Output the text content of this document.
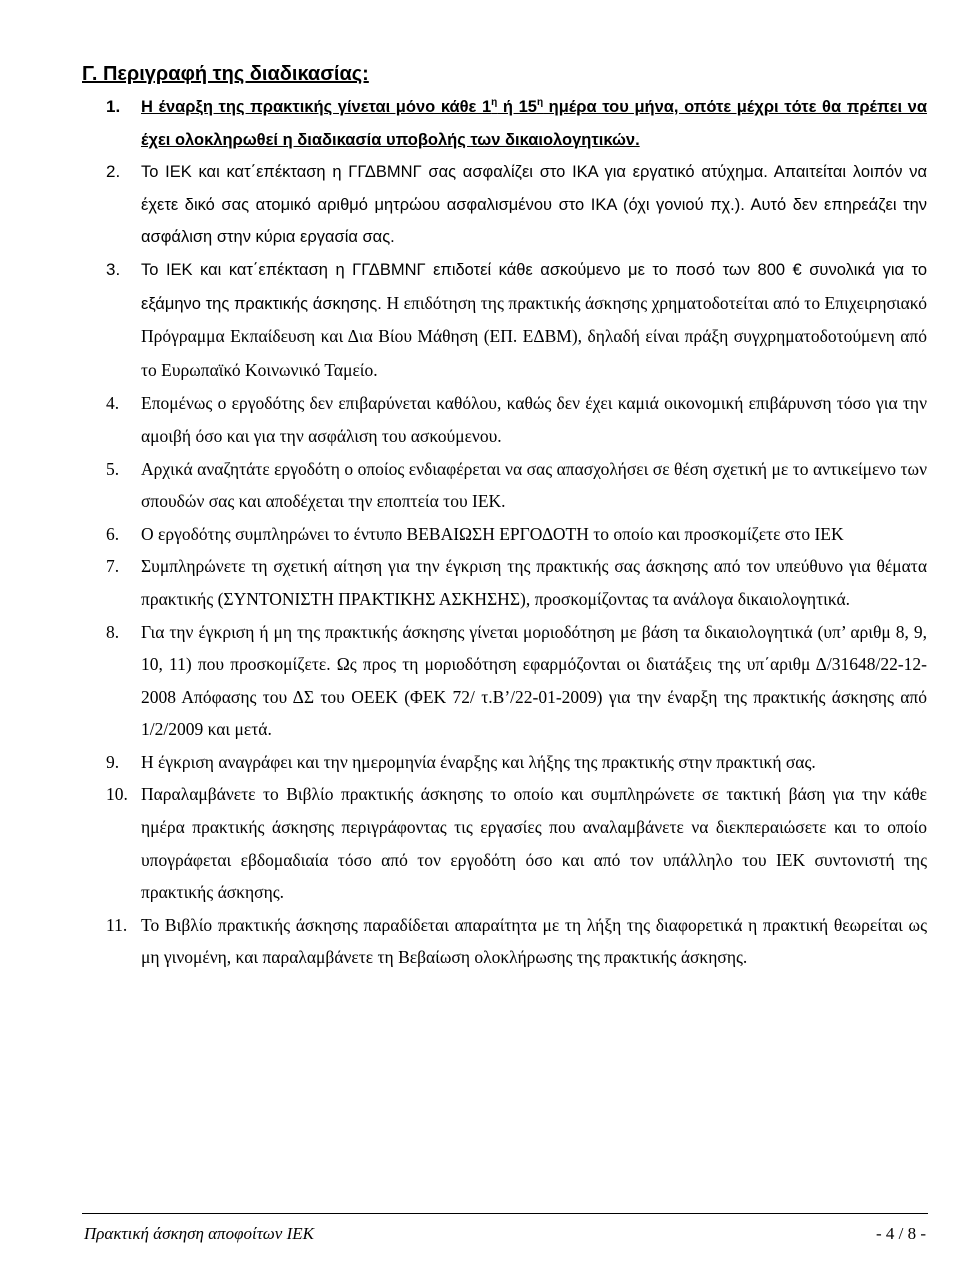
Γ. Περιγραφή της διαδικασίας:
1. Η έναρξη της πρακτικής γίνεται μόνο κάθε $1^\eta$ ή $15^\eta$ ημέρα του μήνα, οπότε μέχρι τότε θα πρέπει να έχει ολοκληρωθεί η διαδικασία υποβολής των δικαιολογητικών.
2. Το ΙΕΚ και κατ΄επέκταση η ΓΓΔΒΜΝΓ σας ασφαλίζει στο ΙΚΑ για εργατικό ατύχημα. Απαιτείται λοιπόν να έχετε δικό σας ατομικό αριθμό μητρώου ασφαλισμένου στο ΙΚΑ (όχι γονιού πχ.). Αυτό δεν επηρεάζει την ασφάλιση στην κύρια εργασία σας.
3. Το ΙΕΚ και κατ΄επέκταση η ΓΓΔΒΜΝΓ επιδοτεί κάθε ασκούμενο με το ποσό των 800 € συνολικά για το εξάμηνο της πρακτικής άσκησης. Η επιδότηση της πρακτικής άσκησης χρηματοδοτείται από το Επιχειρησιακό Πρόγραμμα Εκπαίδευση και Δια Βίου Μάθηση (ΕΠ. ΕΔΒΜ), δηλαδή είναι πράξη συγχρηματοδοτούμενη από το Ευρωπαϊκό Κοινωνικό Ταμείο.
4. Επομένως ο εργοδότης δεν επιβαρύνεται καθόλου, καθώς δεν έχει καμιά οικονομική επιβάρυνση τόσο για την αμοιβή όσο και για την ασφάλιση του ασκούμενου.
5. Αρχικά αναζητάτε εργοδότη ο οποίος ενδιαφέρεται να σας απασχολήσει σε θέση σχετική με το αντικείμενο των σπουδών σας και αποδέχεται την εποπτεία του ΙΕΚ.
6. Ο εργοδότης συμπληρώνει το έντυπο ΒΕΒΑΙΩΣΗ ΕΡΓΟΔΟΤΗ το οποίο και προσκομίζετε στο ΙΕΚ
7. Συμπληρώνετε τη σχετική αίτηση για την έγκριση της πρακτικής σας άσκησης από τον υπεύθυνο για θέματα πρακτικής (ΣΥΝΤΟΝΙΣΤΗ ΠΡΑΚΤΙΚΗΣ ΑΣΚΗΣΗΣ), προσκομίζοντας τα ανάλογα δικαιολογητικά.
8. Για την έγκριση ή μη της πρακτικής άσκησης γίνεται μοριοδότηση με βάση τα δικαιολογητικά (υπ’ αριθμ 8, 9, 10, 11) που προσκομίζετε. Ως προς τη μοριοδότηση εφαρμόζονται οι διατάξεις της υπ΄αριθμ Δ/31648/22-12-2008 Απόφασης του ΔΣ του ΟΕΕΚ (ΦΕΚ 72/ τ.Β’/22-01-2009) για την έναρξη της πρακτικής άσκησης από 1/2/2009 και μετά.
9. Η έγκριση αναγράφει και την ημερομηνία έναρξης και λήξης της πρακτικής στην πρακτική σας.
10. Παραλαμβάνετε το Βιβλίο πρακτικής άσκησης το οποίο και συμπληρώνετε σε τακτική βάση για την κάθε ημέρα πρακτικής άσκησης περιγράφοντας τις εργασίες που αναλαμβάνετε να διεκπεραιώσετε και το οποίο υπογράφεται εβδομαδιαία τόσο από τον εργοδότη όσο και από τον υπάλληλο του ΙΕΚ συντονιστή της πρακτικής άσκησης.
11. Το Βιβλίο πρακτικής άσκησης παραδίδεται απαραίτητα με τη λήξη της διαφορετικά η πρακτική θεωρείται ως μη γινομένη, και παραλαμβάνετε τη Βεβαίωση ολοκλήρωσης της πρακτικής άσκησης.
Πρακτική άσκηση αποφοίτων ΙΕΚ	- 4 / 8 -
